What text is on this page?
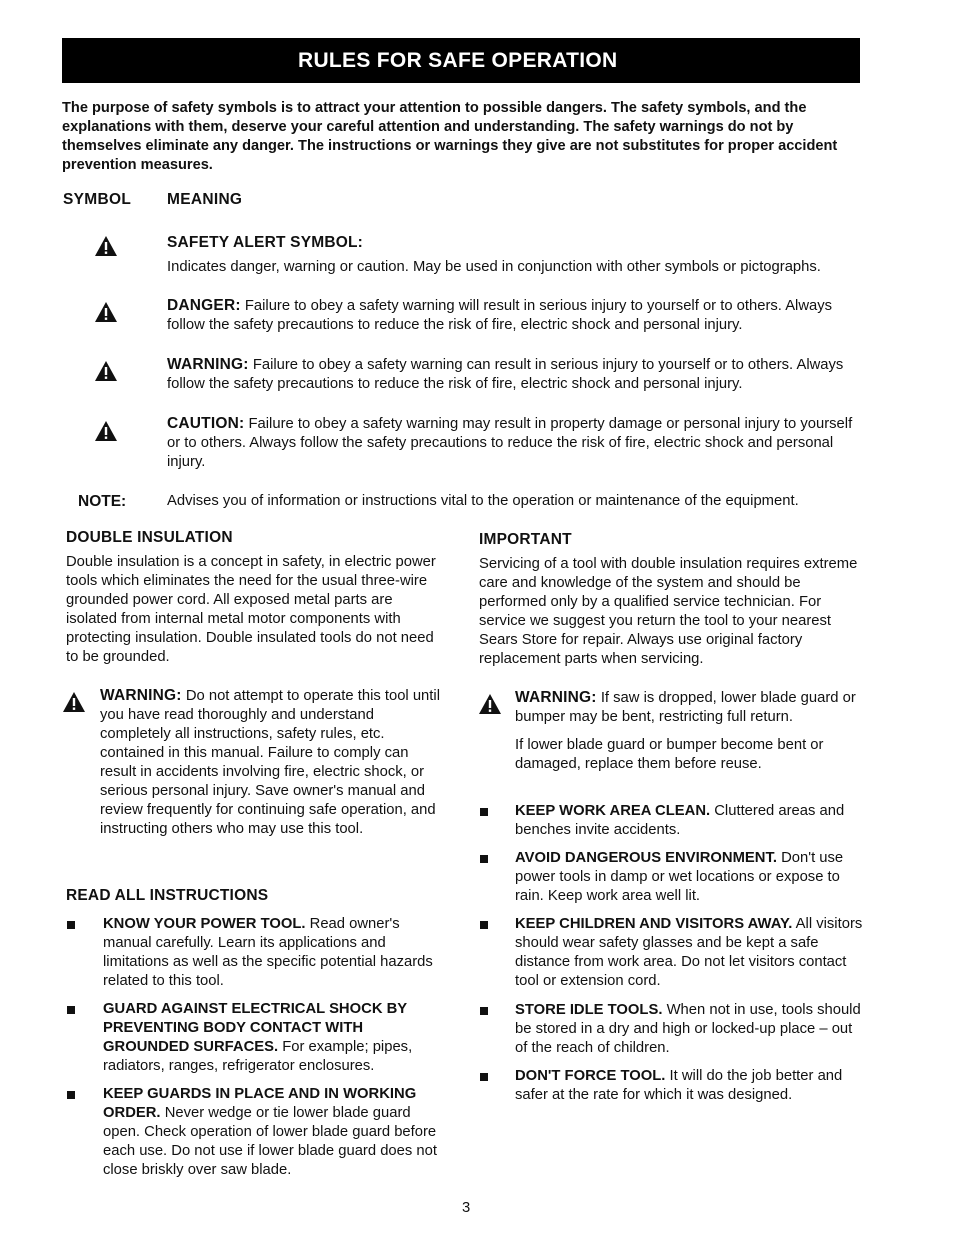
RULES FOR SAFE OPERATION
The purpose of safety symbols is to attract your attention to possible dangers. The safety symbols, and the explanations with them, deserve your careful attention and understanding. The safety warnings do not by themselves eliminate any danger. The instructions or warnings they give are not substitutes for proper accident prevention measures.
SYMBOL MEANING
SAFETY ALERT SYMBOL:
Indicates danger, warning or caution. May be used in conjunction with other symbols or pictographs.
DANGER: Failure to obey a safety warning will result in serious injury to yourself or to others. Always follow the safety precautions to reduce the risk of fire, electric shock and personal injury.
WARNING: Failure to obey a safety warning can result in serious injury to yourself or to others. Always follow the safety precautions to reduce the risk of fire, electric shock and personal injury.
CAUTION: Failure to obey a safety warning may result in property damage or personal injury to yourself or to others. Always follow the safety precautions to reduce the risk of fire, electric shock and personal injury.
NOTE:	Advises you of information or instructions vital to the operation or maintenance of the equipment.
DOUBLE INSULATION
Double insulation is a concept in safety, in electric power tools which eliminates the need for the usual three-wire grounded power cord. All exposed metal parts are isolated from internal metal motor components with protecting insulation. Double insulated tools do not need to be grounded.
WARNING: Do not attempt to operate this tool until you have read thoroughly and understand completely all instructions, safety rules, etc. contained in this manual. Failure to comply can result in accidents involving fire, electric shock, or serious personal injury. Save owner's manual and review frequently for continuing safe operation, and instructing others who may use this tool.
READ ALL INSTRUCTIONS
KNOW YOUR POWER TOOL. Read owner's manual carefully. Learn its applications and limitations as well as the specific potential hazards related to this tool.
GUARD AGAINST ELECTRICAL SHOCK BY PREVENTING BODY CONTACT WITH GROUNDED SURFACES. For example; pipes, radiators, ranges, refrigerator enclosures.
KEEP GUARDS IN PLACE AND IN WORKING ORDER. Never wedge or tie lower blade guard open. Check operation of lower blade guard before each use. Do not use if lower blade guard does not close briskly over saw blade.
IMPORTANT
Servicing of a tool with double insulation requires extreme care and knowledge of the system and should be performed only by a qualified service technician. For service we suggest you return the tool to your nearest Sears Store for repair. Always use original factory replacement parts when servicing.
WARNING: If saw is dropped, lower blade guard or bumper may be bent, restricting full return.
If lower blade guard or bumper become bent or damaged, replace them before reuse.
KEEP WORK AREA CLEAN. Cluttered areas and benches invite accidents.
AVOID DANGEROUS ENVIRONMENT. Don't use power tools in damp or wet locations or expose to rain. Keep work area well lit.
KEEP CHILDREN AND VISITORS AWAY. All visitors should wear safety glasses and be kept a safe distance from work area. Do not let visitors contact tool or extension cord.
STORE IDLE TOOLS. When not in use, tools should be stored in a dry and high or locked-up place – out of the reach of children.
DON'T FORCE TOOL. It will do the job better and safer at the rate for which it was designed.
3
